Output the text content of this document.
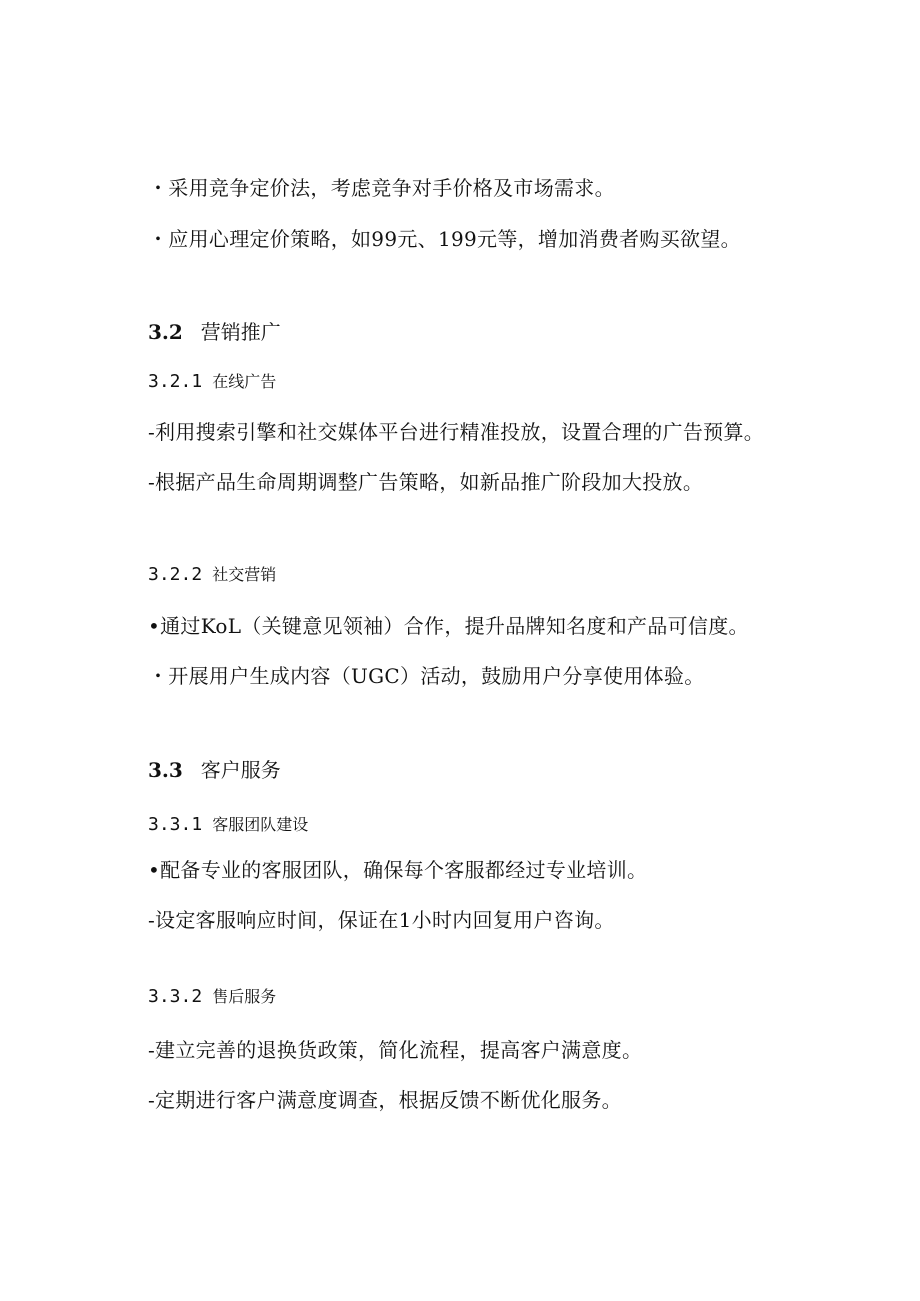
・采用竞争定价法，考虑竞争对手价格及市场需求。
・应用心理定价策略，如99元、199元等，增加消费者购买欲望。
3.2 营销推广
3.2.1 在线广告
-利用搜索引擎和社交媒体平台进行精准投放，设置合理的广告预算。
-根据产品生命周期调整广告策略，如新品推广阶段加大投放。
3.2.2 社交营销
•通过KoL（关键意见领袖）合作，提升品牌知名度和产品可信度。
・开展用户生成内容（UGC）活动，鼓励用户分享使用体验。
3.3 客户服务
3.3.1 客服团队建设
•配备专业的客服团队，确保每个客服都经过专业培训。
-设定客服响应时间，保证在1小时内回复用户咨询。
3.3.2 售后服务
-建立完善的退换货政策，简化流程，提高客户满意度。
-定期进行客户满意度调查，根据反馈不断优化服务。
